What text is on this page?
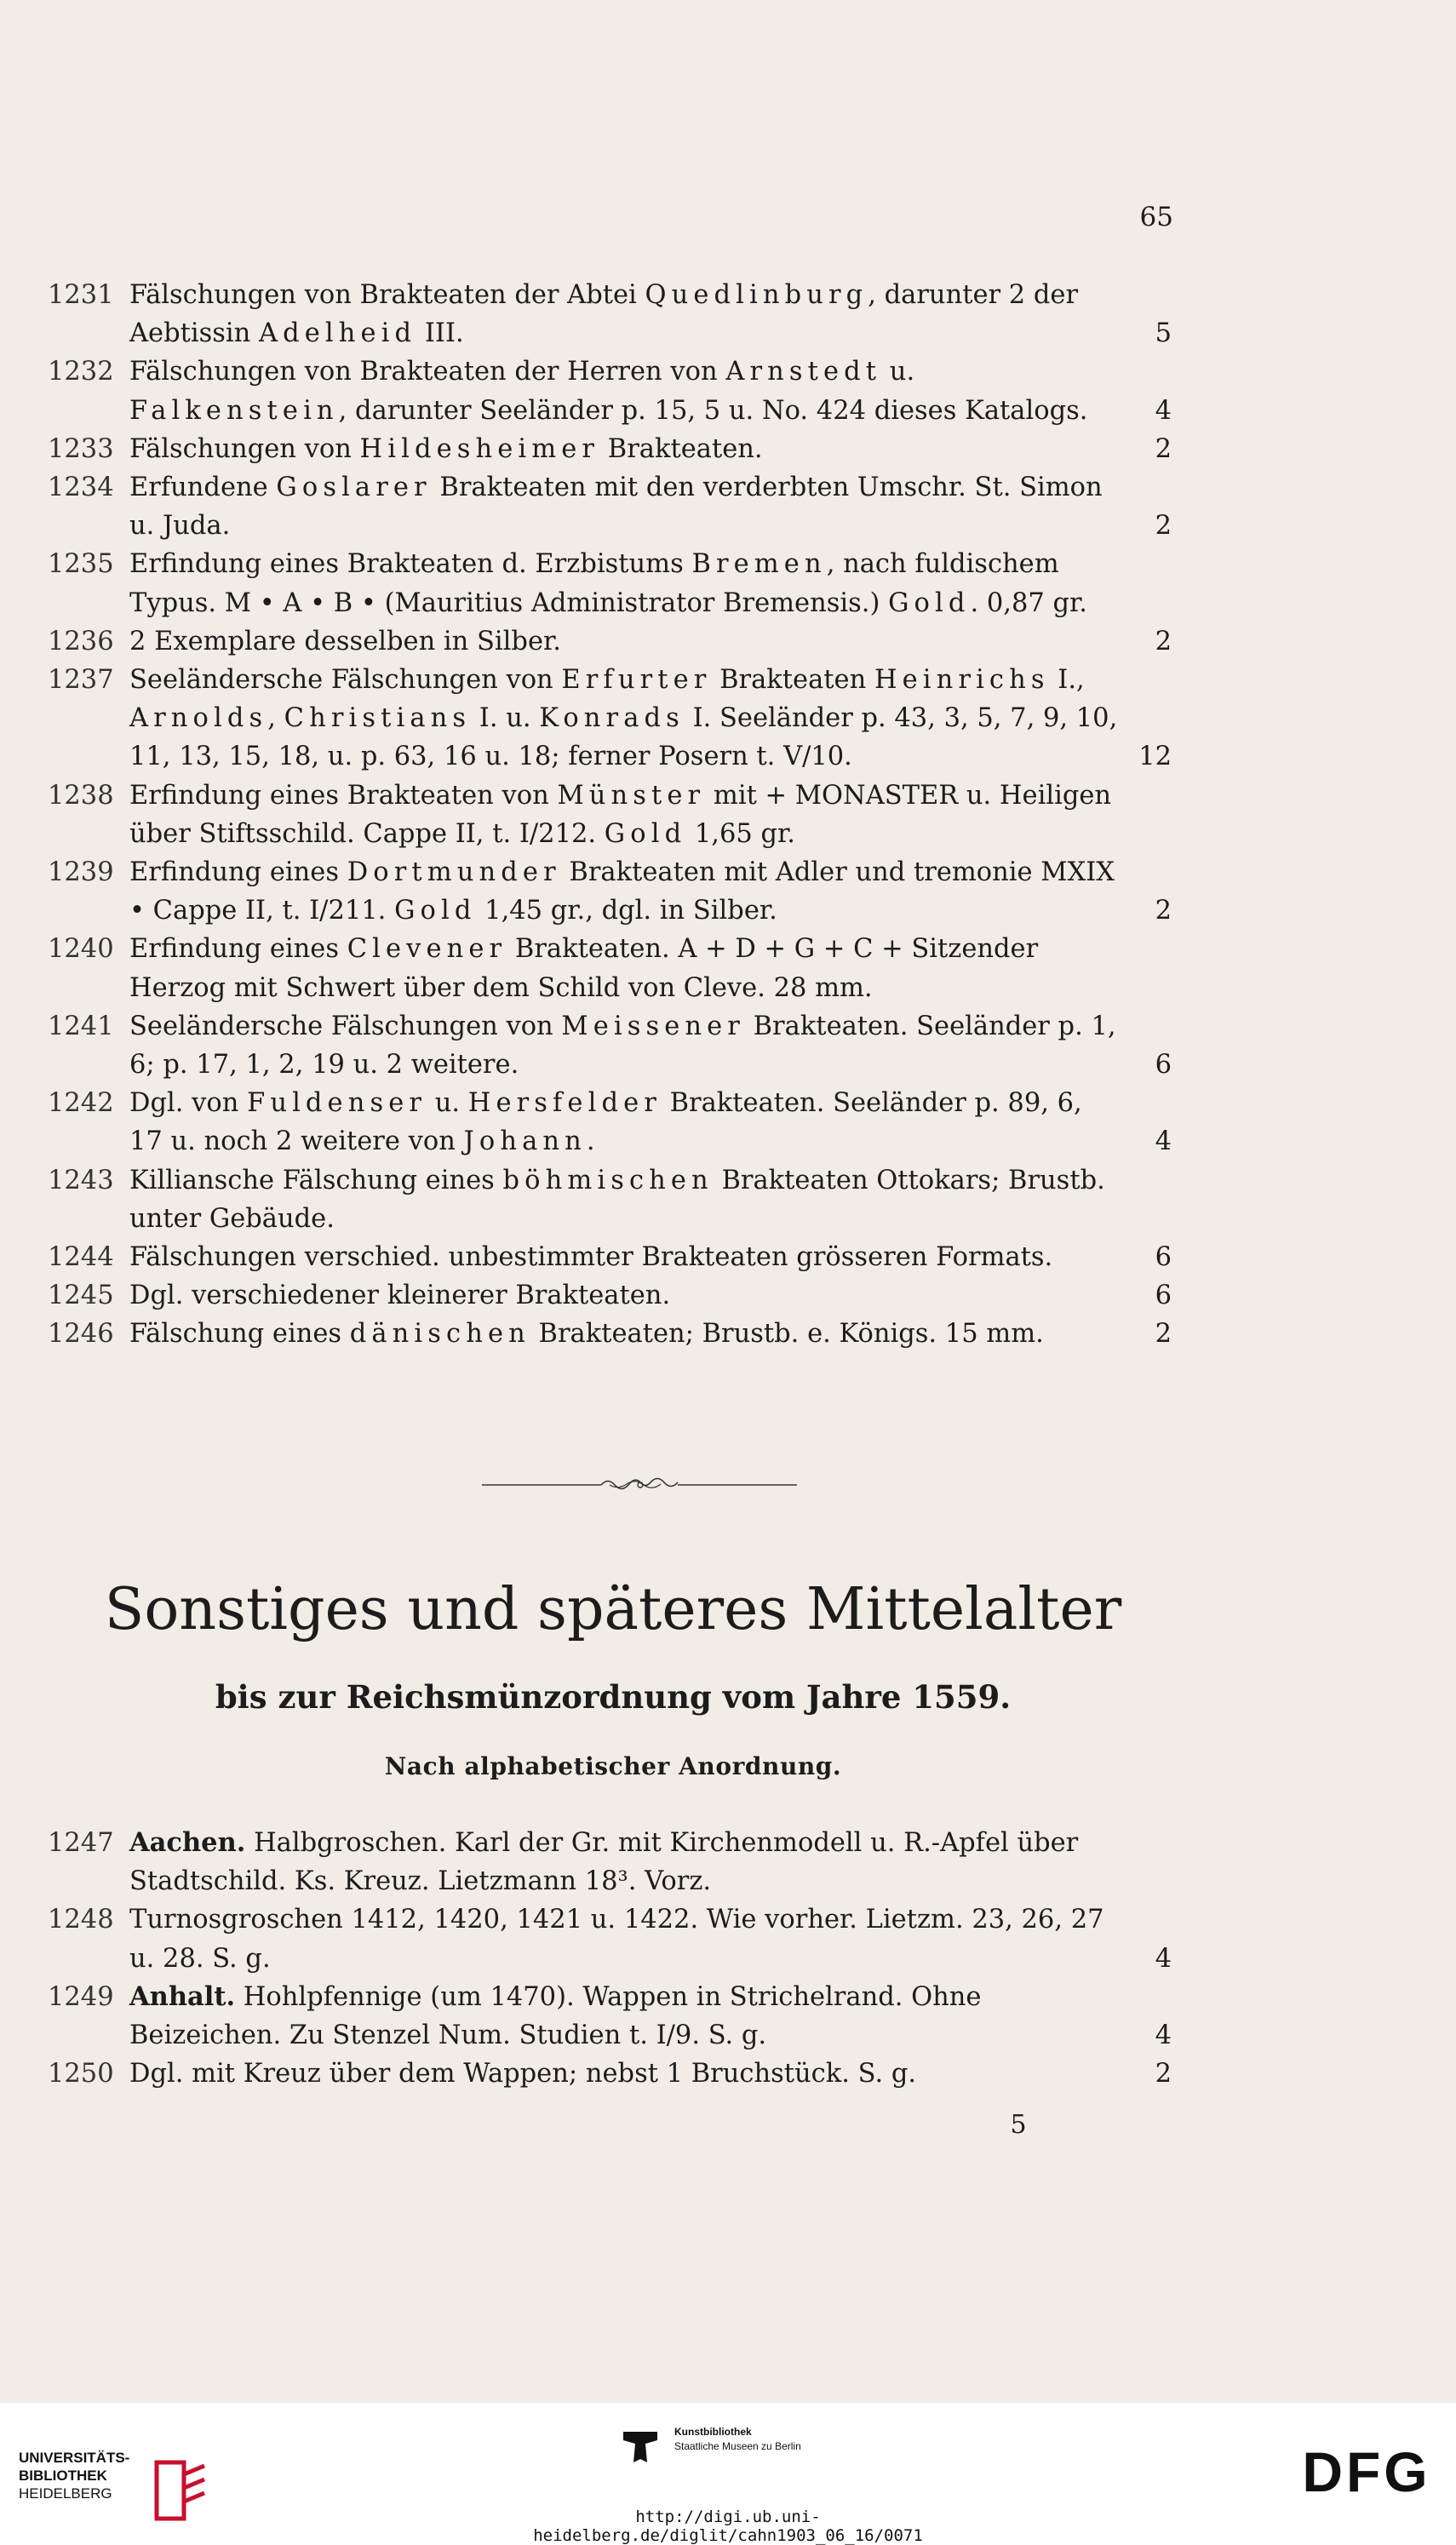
65
1231 Fälschungen von Brakteaten der Abtei Quedlinburg, darunter 2 der Aebtissin Adelheid III.	5
1232 Fälschungen von Brakteaten der Herren von Arnstedt u. Falkenstein, darunter Seeländer p. 15, 5 u. No. 424 dieses Katalogs.	4
1233 Fälschungen von Hildesheimer Brakteaten.	2
1234 Erfundene Goslarer Brakteaten mit den verderbten Umschr. St. Simon u. Juda.	2
1235 Erfindung eines Brakteaten d. Erzbistums Bremen, nach fuldischem Typus. M • A • B • (Mauritius Administrator Bremensis.) Gold. 0,87 gr.
1236 2 Exemplare desselben in Silber.	2
1237 Seeländersche Fälschungen von Erfurter Brakteaten Heinrichs I., Arnolds, Christians I. u. Konrads I. Seeländer p. 43, 3, 5, 7, 9, 10, 11, 13, 15, 18, u. p. 63, 16 u. 18; ferner Posern t. V/10.	12
1238 Erfindung eines Brakteaten von Münster mit + MONASTER u. Heiligen über Stiftsschild. Cappe II, t. I/212. Gold 1,65 gr.
1239 Erfindung eines Dortmunder Brakteaten mit Adler und tremonie MXIX • Cappe II, t. I/211. Gold 1,45 gr., dgl. in Silber.	2
1240 Erfindung eines Clevener Brakteaten. A + D + G + C + Sitzender Herzog mit Schwert über dem Schild von Cleve. 28 mm.
1241 Seeländersche Fälschungen von Meissener Brakteaten. Seeländer p. 1, 6; p. 17, 1, 2, 19 u. 2 weitere.	6
1242 Dgl. von Fuldenser u. Hersfelder Brakteaten. Seeländer p. 89, 6, 17 u. noch 2 weitere von Johann.	4
1243 Killiansche Fälschung eines böhmischen Brakteaten Ottokars; Brustb. unter Gebäude.
1244 Fälschungen verschied. unbestimmter Brakteaten grösseren Formats.	6
1245 Dgl. verschiedener kleinerer Brakteaten.	6
1246 Fälschung eines dänischen Brakteaten; Brustb. e. Königs. 15 mm.	2
Sonstiges und späteres Mittelalter
bis zur Reichsmünzordnung vom Jahre 1559.
Nach alphabetischer Anordnung.
1247 Aachen. Halbgroschen. Karl der Gr. mit Kirchenmodell u. R.-Apfel über Stadtschild. Ks. Kreuz. Lietzmann 18³. Vorz.
1248 Turnosgroschen 1412, 1420, 1421 u. 1422. Wie vorher. Lietzm. 23, 26, 27 u. 28. S. g.	4
1249 Anhalt. Hohlpfennige (um 1470). Wappen in Strichelrand. Ohne Beizeichen. Zu Stenzel Num. Studien t. I/9. S. g.	4
1250 Dgl. mit Kreuz über dem Wappen; nebst 1 Bruchstück. S. g.	2
5
UNIVERSITÄTS-
BIBLIOTHEK
HEIDELBERG
Kunstbibliothek
Staatliche Museen zu Berlin	DFG
http://digi.ub.uni-heidelberg.de/diglit/cahn1903_06_16/0071
